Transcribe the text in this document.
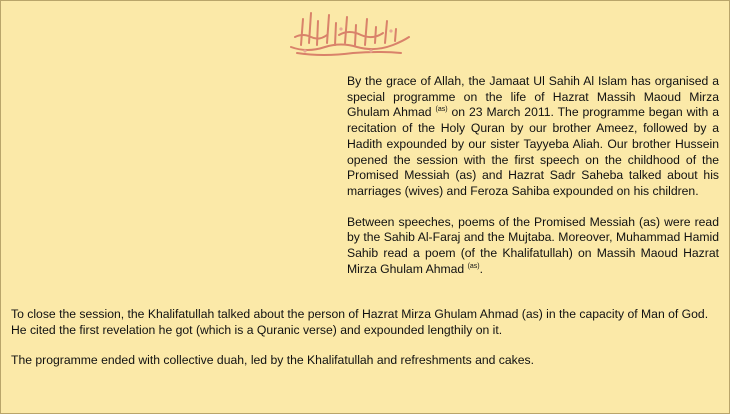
By the grace of Allah, the Jamaat Ul Sahih Al Islam has organised a special programme on the life of Hazrat Massih Maoud Mirza Ghulam Ahmad $^{(as)}$ on 23 March 2011. The programme began with a recitation of the Holy Quran by our brother Ameez, followed by a Hadith expounded by our sister Tayyeba Aliah. Our brother Hussein opened the session with the first speech on the childhood of the Promised Messiah (as) and Hazrat Sadr Saheba talked about his marriages (wives) and Feroza Sahiba expounded on his children.

Between speeches, poems of the Promised Messiah (as) were read by the Sahib Al-Faraj and the Mujtaba. Moreover, Muhammad Hamid Sahib read a poem (of the Khalifatullah) on Massih Maoud Hazrat Mirza Ghulam Ahmad $^{(as)}$.

To close the session, the Khalifatullah talked about the person of Hazrat Mirza Ghulam Ahmad (as) in the capacity of Man of God. He cited the first revelation he got (which is a Quranic verse) and expounded lengthily on it.

The programme ended with collective duah, led by the Khalifatullah and refreshments and cakes.
